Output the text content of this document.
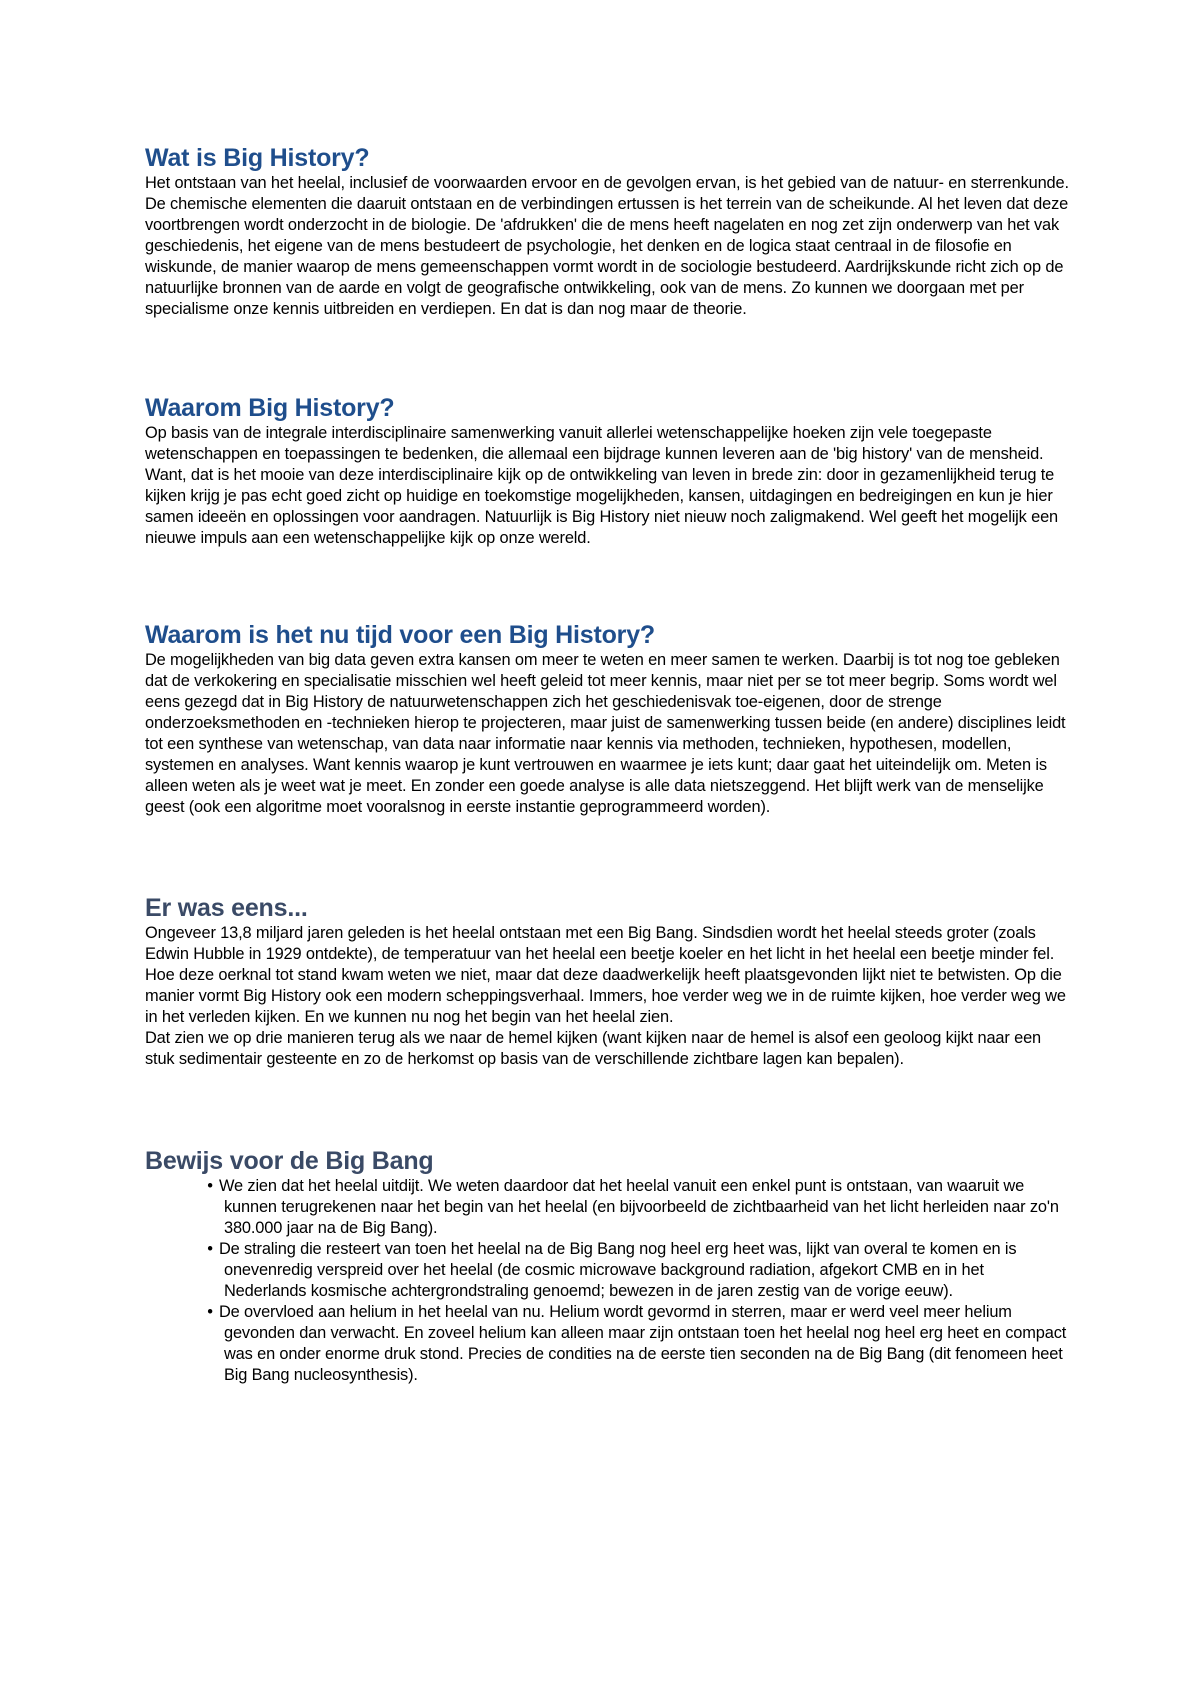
Wat is Big History?

Het ontstaan van het heelal, inclusief de voorwaarden ervoor en de gevolgen ervan, is het gebied van de natuur- en sterrenkunde. De chemische elementen die daaruit ontstaan en de verbindingen ertussen is het terrein van de scheikunde. Al het leven dat deze voortbrengen wordt onderzocht in de biologie. De 'afdrukken' die de mens heeft nagelaten en nog zet zijn onderwerp van het vak geschiedenis, het eigene van de mens bestudeert de psychologie, het denken en de logica staat centraal in de filosofie en wiskunde, de manier waarop de mens gemeenschappen vormt wordt in de sociologie bestudeerd. Aardrijkskunde richt zich op de natuurlijke bronnen van de aarde en volgt de geografische ontwikkeling, ook van de mens. Zo kunnen we doorgaan met per specialisme onze kennis uitbreiden en verdiepen. En dat is dan nog maar de theorie.

Waarom Big History?

Op basis van de integrale interdisciplinaire samenwerking vanuit allerlei wetenschappelijke hoeken zijn vele toegepaste wetenschappen en toepassingen te bedenken, die allemaal een bijdrage kunnen leveren aan de 'big history' van de mensheid. Want, dat is het mooie van deze interdisciplinaire kijk op de ontwikkeling van leven in brede zin: door in gezamenlijkheid terug te kijken krijg je pas echt goed zicht op huidige en toekomstige mogelijkheden, kansen, uitdagingen en bedreigingen en kun je hier samen ideeën en oplossingen voor aandragen. Natuurlijk is Big History niet nieuw noch zaligmakend. Wel geeft het mogelijk een nieuwe impuls aan een wetenschappelijke kijk op onze wereld.

Waarom is het nu tijd voor een Big History?

De mogelijkheden van big data geven extra kansen om meer te weten en meer samen te werken. Daarbij is tot nog toe gebleken dat de verkokering en specialisatie misschien wel heeft geleid tot meer kennis, maar niet per se tot meer begrip. Soms wordt wel eens gezegd dat in Big History de natuurwetenschappen zich het geschiedenisvak toe-eigenen, door de strenge onderzoeksmethoden en -technieken hierop te projecteren, maar juist de samenwerking tussen beide (en andere) disciplines leidt tot een synthese van wetenschap, van data naar informatie naar kennis via methoden, technieken, hypothesen, modellen, systemen en analyses. Want kennis waarop je kunt vertrouwen en waarmee je iets kunt; daar gaat het uiteindelijk om. Meten is alleen weten als je weet wat je meet. En zonder een goede analyse is alle data nietszeggend. Het blijft werk van de menselijke geest (ook een algoritme moet vooralsnog in eerste instantie geprogrammeerd worden).

Er was eens...

Ongeveer 13,8 miljard jaren geleden is het heelal ontstaan met een Big Bang. Sindsdien wordt het heelal steeds groter (zoals Edwin Hubble in 1929 ontdekte), de temperatuur van het heelal een beetje koeler en het licht in het heelal een beetje minder fel. Hoe deze oerknal tot stand kwam weten we niet, maar dat deze daadwerkelijk heeft plaatsgevonden lijkt niet te betwisten. Op die manier vormt Big History ook een modern scheppingsverhaal. Immers, hoe verder weg we in de ruimte kijken, hoe verder weg we in het verleden kijken. En we kunnen nu nog het begin van het heelal zien.

Dat zien we op drie manieren terug als we naar de hemel kijken (want kijken naar de hemel is alsof een geoloog kijkt naar een stuk sedimentair gesteente en zo de herkomst op basis van de verschillende zichtbare lagen kan bepalen).

Bewijs voor de Big Bang
• We zien dat het heelal uitdijt. We weten daardoor dat het heelal vanuit een enkel punt is ontstaan, van waaruit we kunnen terugrekenen naar het begin van het heelal (en bijvoorbeeld de zichtbaarheid van het licht herleiden naar zo'n 380.000 jaar na de Big Bang).
• De straling die resteert van toen het heelal na de Big Bang nog heel erg heet was, lijkt van overal te komen en is onevenredig verspreid over het heelal (de cosmic microwave background radiation, afgekort CMB en in het Nederlands kosmische achtergrondstraling genoemd; bewezen in de jaren zestig van de vorige eeuw).
• De overvloed aan helium in het heelal van nu. Helium wordt gevormd in sterren, maar er werd veel meer helium gevonden dan verwacht. En zoveel helium kan alleen maar zijn ontstaan toen het heelal nog heel erg heet en compact was en onder enorme druk stond. Precies de condities na de eerste tien seconden na de Big Bang (dit fenomeen heet Big Bang nucleosynthesis).
